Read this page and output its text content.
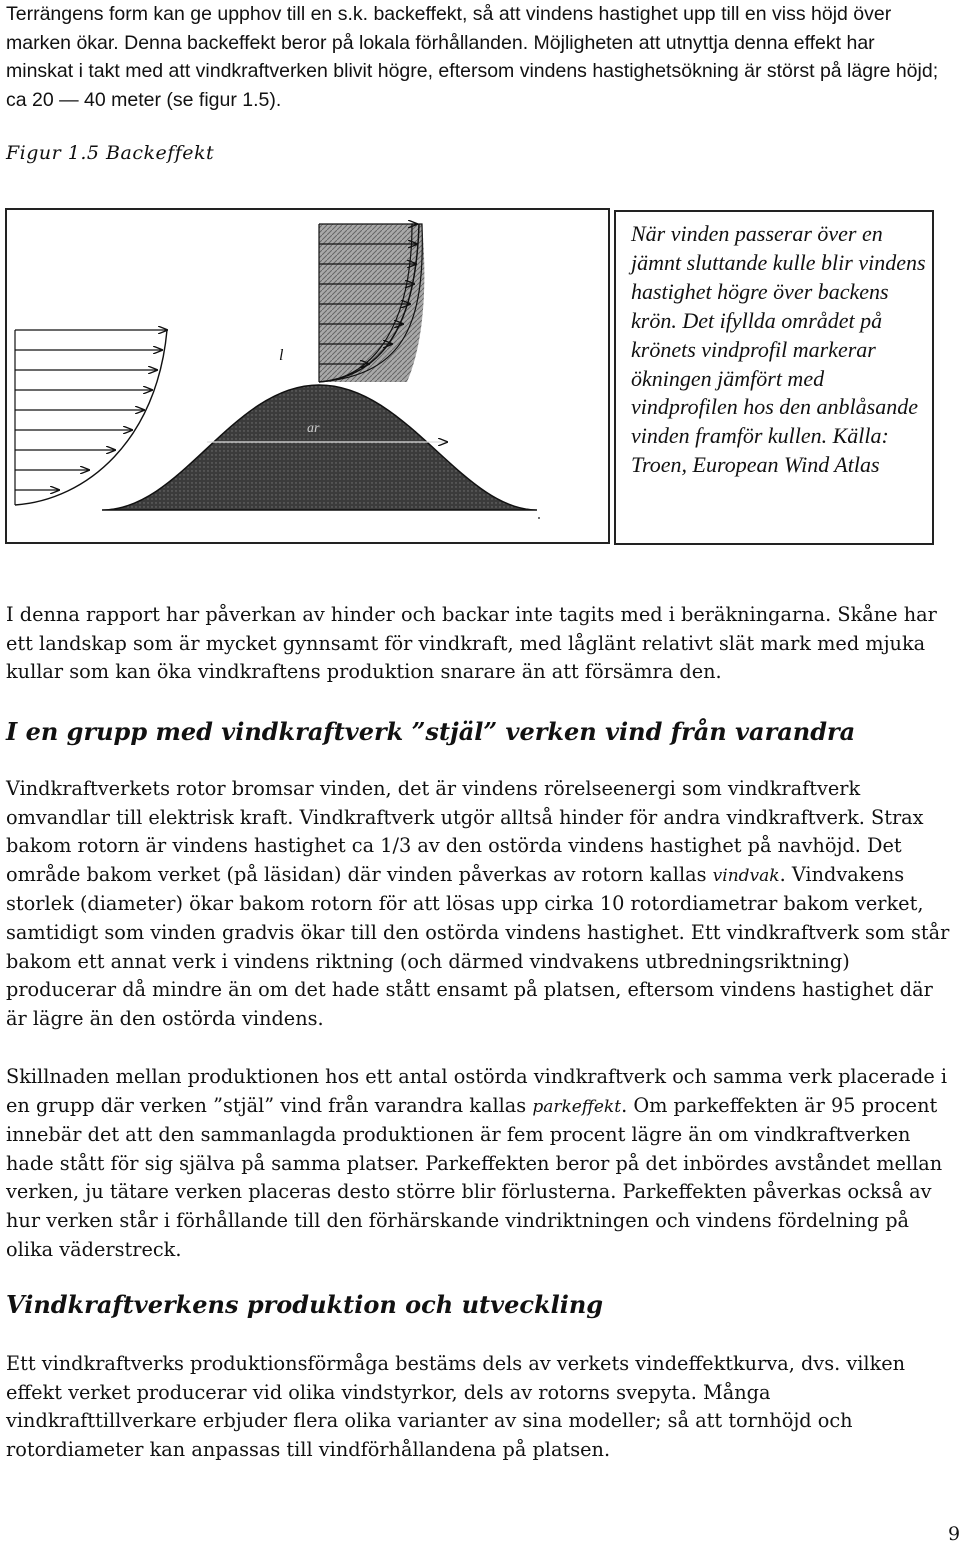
Terrängens form kan ge upphov till en s.k. backeffekt, så att vindens hastighet upp till en viss höjd över marken ökar. Denna backeffekt beror på lokala förhållanden. Möjligheten att utnyttja denna effekt har minskat i takt med att vindkraftverken blivit högre, eftersom vindens hastighetsökning är störst på lägre höjd; ca 20 — 40 meter (se figur 1.5).

Figur 1.5 Backeffekt

ar
l

När vinden passerar över en jämnt sluttande kulle blir vindens hastighet högre över backens krön. Det ifyllda området på krönets vindprofil markerar ökningen jämfört med vindprofilen hos den anblåsande vinden framför kullen. Källa: Troen, European Wind Atlas

I denna rapport har påverkan av hinder och backar inte tagits med i beräkningarna. Skåne har ett landskap som är mycket gynnsamt för vindkraft, med låglänt relativt slät mark med mjuka kullar som kan öka vindkraftens produktion snarare än att försämra den.

I en grupp med vindkraftverk ”stjäl” verken vind från varandra

Vindkraftverkets rotor bromsar vinden, det är vindens rörelseenergi som vindkraftverk omvandlar till elektrisk kraft. Vindkraftverk utgör alltså hinder för andra vindkraftverk. Strax bakom rotorn är vindens hastighet ca 1/3 av den ostörda vindens hastighet på navhöjd. Det område bakom verket (på läsidan) där vinden påverkas av rotorn kallas vindvak. Vindvakens storlek (diameter) ökar bakom rotorn för att lösas upp cirka 10 rotordiametrar bakom verket, samtidigt som vinden gradvis ökar till den ostörda vindens hastighet. Ett vindkraftverk som står bakom ett annat verk i vindens riktning (och därmed vindvakens utbredningsriktning) producerar då mindre än om det hade stått ensamt på platsen, eftersom vindens hastighet där är lägre än den ostörda vindens.

Skillnaden mellan produktionen hos ett antal ostörda vindkraftverk och samma verk placerade i en grupp där verken ”stjäl” vind från varandra kallas parkeffekt. Om parkeffekten är 95 procent innebär det att den sammanlagda produktionen är fem procent lägre än om vindkraftverken hade stått för sig själva på samma platser. Parkeffekten beror på det inbördes avståndet mellan verken, ju tätare verken placeras desto större blir förlusterna. Parkeffekten påverkas också av hur verken står i förhållande till den förhärskande vindriktningen och vindens fördelning på olika väderstreck.

Vindkraftverkens produktion och utveckling

Ett vindkraftverks produktionsförmåga bestäms dels av verkets vindeffektkurva, dvs. vilken effekt verket producerar vid olika vindstyrkor, dels av rotorns svepyta. Många vindkrafttillverkare erbjuder flera olika varianter av sina modeller; så att tornhöjd och rotordiameter kan anpassas till vindförhållandena på platsen.

9
